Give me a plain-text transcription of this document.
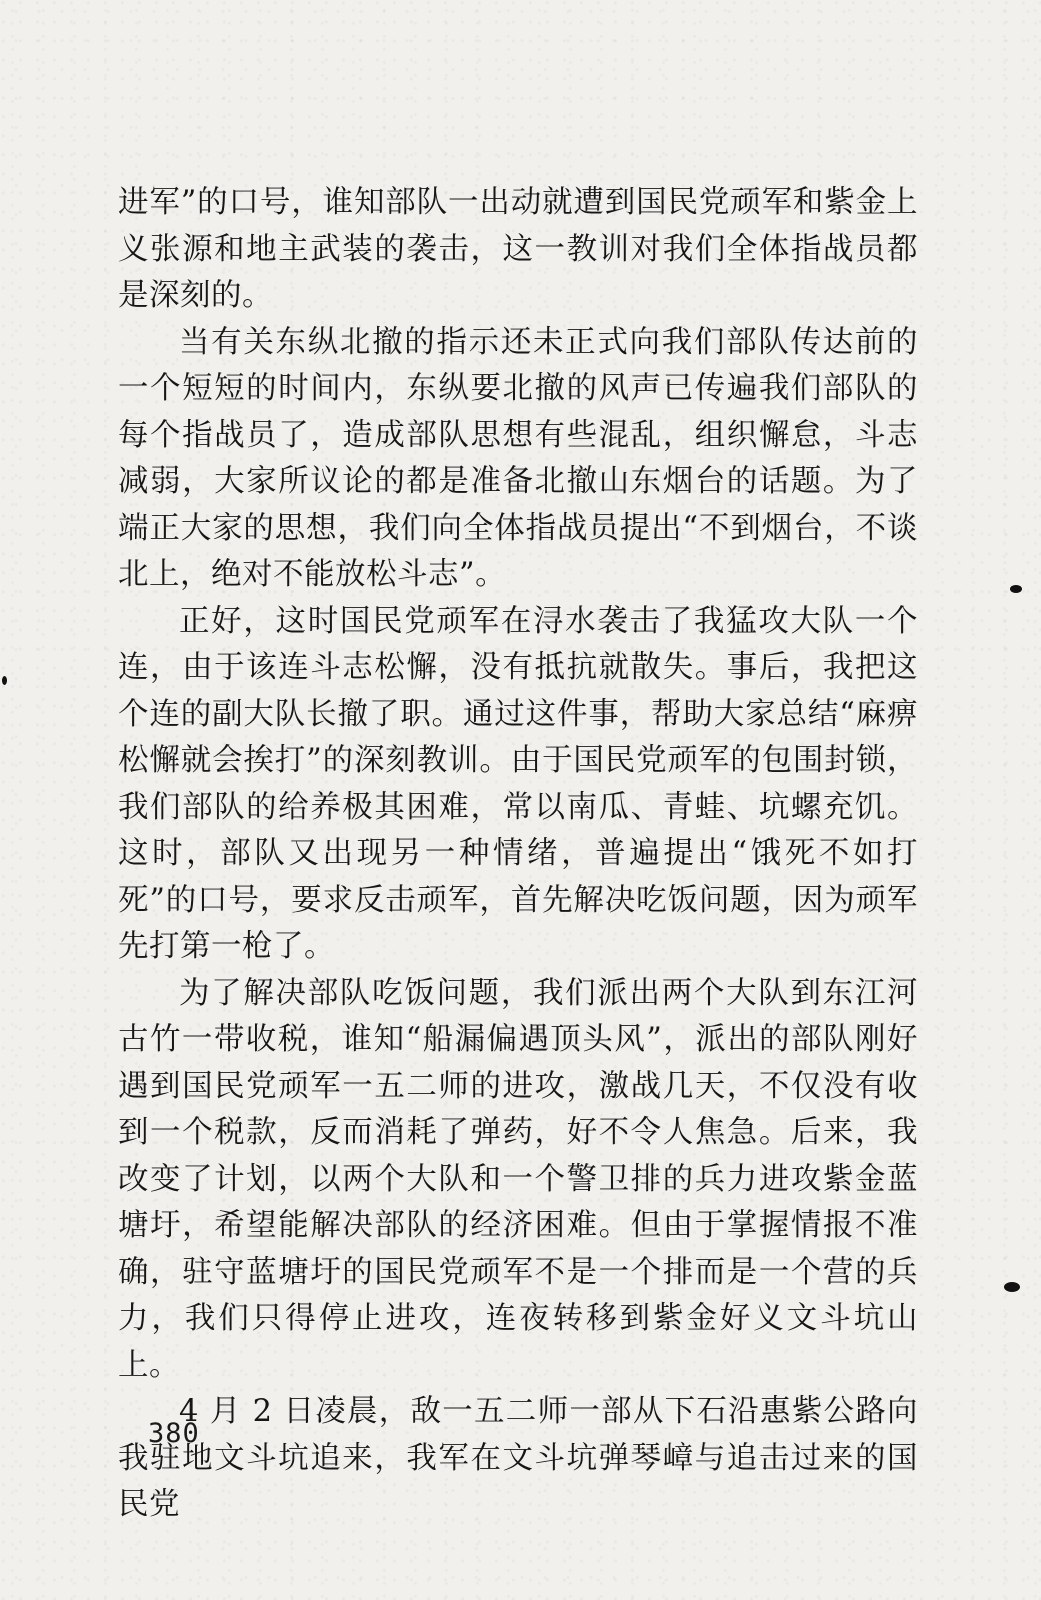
进军”的口号，谁知部队一出动就遭到国民党顽军和紫金上义张源和地主武装的袭击，这一教训对我们全体指战员都是深刻的。

当有关东纵北撤的指示还未正式向我们部队传达前的一个短短的时间内，东纵要北撤的风声已传遍我们部队的每个指战员了，造成部队思想有些混乱，组织懈怠，斗志减弱，大家所议论的都是准备北撤山东烟台的话题。为了端正大家的思想，我们向全体指战员提出“不到烟台，不谈北上，绝对不能放松斗志”。

正好，这时国民党顽军在浔水袭击了我猛攻大队一个连，由于该连斗志松懈，没有抵抗就散失。事后，我把这个连的副大队长撤了职。通过这件事，帮助大家总结“麻痹松懈就会挨打”的深刻教训。由于国民党顽军的包围封锁，我们部队的给养极其困难，常以南瓜、青蛙、坑螺充饥。这时，部队又出现另一种情绪，普遍提出“饿死不如打死”的口号，要求反击顽军，首先解决吃饭问题，因为顽军先打第一枪了。

为了解决部队吃饭问题，我们派出两个大队到东江河古竹一带收税，谁知“船漏偏遇顶头风”，派出的部队刚好遇到国民党顽军一五二师的进攻，激战几天，不仅没有收到一个税款，反而消耗了弹药，好不令人焦急。后来，我改变了计划，以两个大队和一个警卫排的兵力进攻紫金蓝塘圩，希望能解决部队的经济困难。但由于掌握情报不准确，驻守蓝塘圩的国民党顽军不是一个排而是一个营的兵力，我们只得停止进攻，连夜转移到紫金好义文斗坑山上。

4 月 2 日凌晨，敌一五二师一部从下石沿惠紫公路向我驻地文斗坑追来，我军在文斗坑弹琴嶂与追击过来的国民党

380
